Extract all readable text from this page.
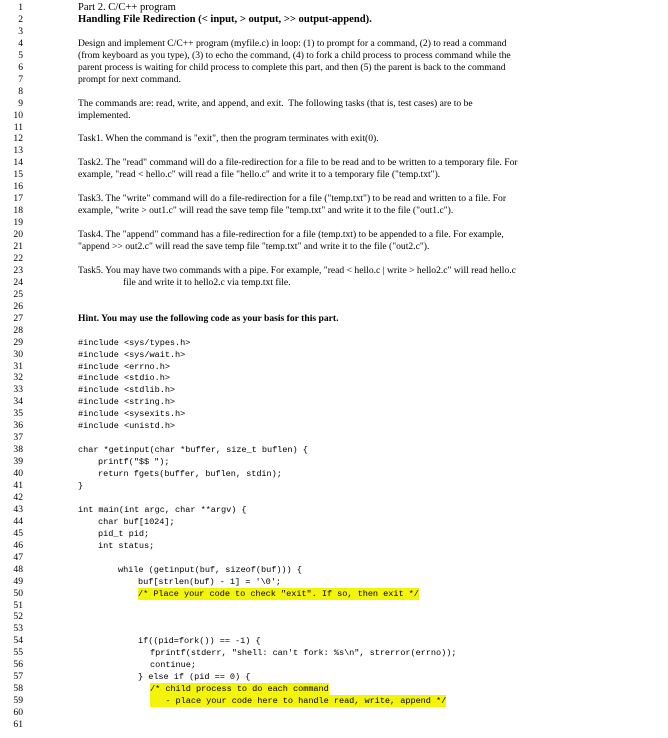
1	Part 2. C/C++ program
2	Handling File Redirection (< input, > output, >> output-append).
3
4	Design and implement C/C++ program (myfile.c) in loop: (1) to prompt for a command, (2) to read a command
5	(from keyboard as you type), (3) to echo the command, (4) to fork a child process to process command while the
6	parent process is waiting for child process to complete this part, and then (5) the parent is back to the command
7	prompt for next command.
8
9	The commands are: read, write, and append, and exit.  The following tasks (that is, test cases) are to be
10	implemented.
11
12	Task1. When the command is "exit", then the program terminates with exit(0).
13
14	Task2. The "read" command will do a file-redirection for a file to be read and to be written to a temporary file. For
15	example, "read < hello.c" will read a file "hello.c" and write it to a temporary file ("temp.txt").
16
17	Task3. The "write" command will do a file-redirection for a file ("temp.txt") to be read and written to a file. For
18	example, "write > out1.c" will read the save temp file "temp.txt" and write it to the file ("out1.c").
19
20	Task4. The "append" command has a file-redirection for a file (temp.txt) to be appended to a file. For example,
21	"append >> out2.c" will read the save temp file "temp.txt" and write it to the file ("out2.c").
22
23	Task5. You may have two commands with a pipe. For example, "read < hello.c | write > hello2.c" will read hello.c
24	file and write it to hello2.c via temp.txt file.
25
26
27	Hint. You may use the following code as your basis for this part.
28
29	#include <sys/types.h>
30	#include <sys/wait.h>
31	#include <errno.h>
32	#include <stdio.h>
33	#include <stdlib.h>
34	#include <string.h>
35	#include <sysexits.h>
36	#include <unistd.h>
37
38	char *getinput(char *buffer, size_t buflen) {
39	printf("$$ ");
40	return fgets(buffer, buflen, stdin);
41	}
42
43	int main(int argc, char **argv) {
44	char buf[1024];
45	pid_t pid;
46	int status;
47
48	while (getinput(buf, sizeof(buf))) {
49	buf[strlen(buf) - 1] = '\0';
50	/* Place your code to check "exit". If so, then exit */
51
52
53
54	if((pid=fork()) == -1) {
55	fprintf(stderr, "shell: can't fork: %s\n", strerror(errno));
56	continue;
57	} else if (pid == 0) {
58	/* child process to do each command
59	- place your code here to handle read, write, append */
60
61
